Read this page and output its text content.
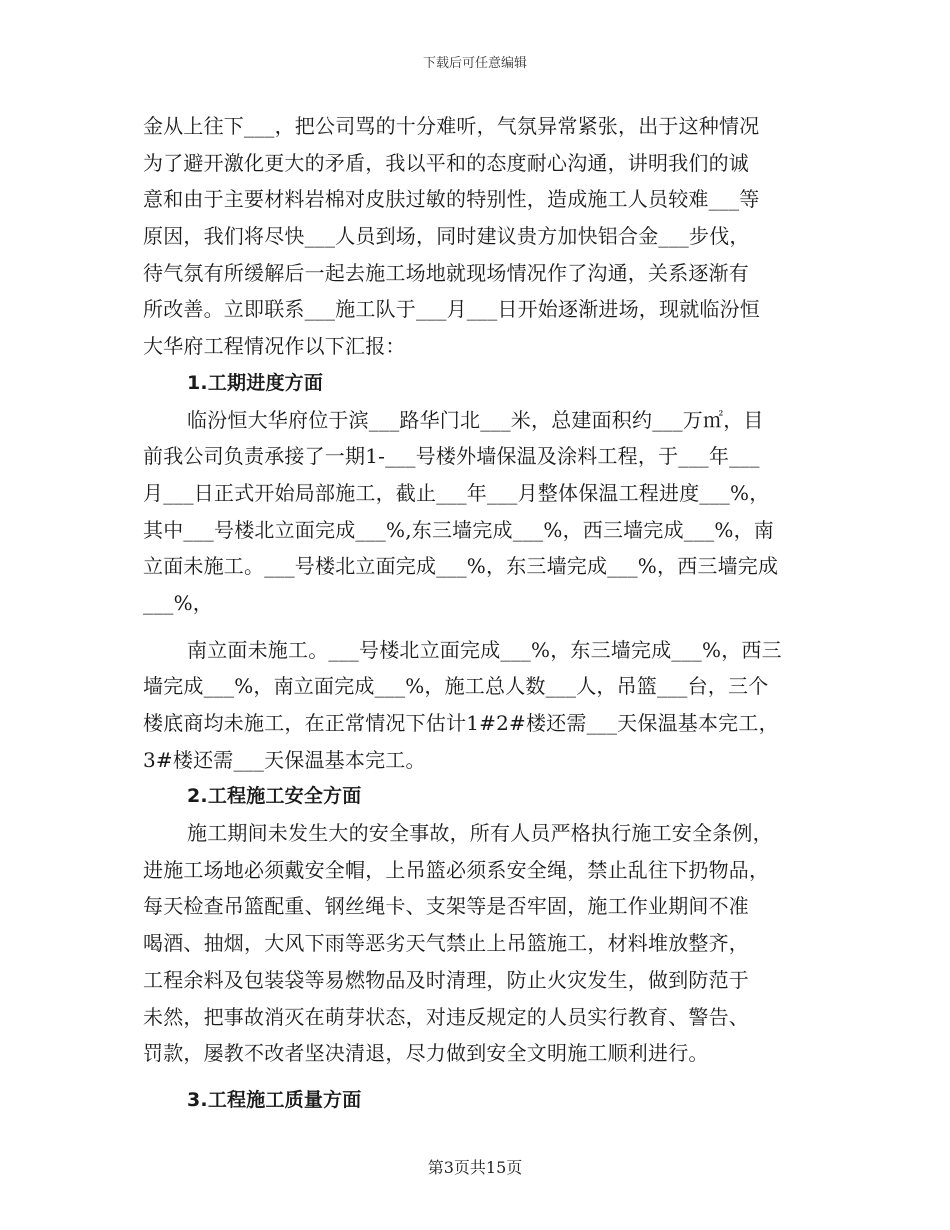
下载后可任意编辑
金从上往下___，把公司骂的十分难听，气氛异常紧张，出于这种情况
为了避开激化更大的矛盾，我以平和的态度耐心沟通，讲明我们的诚
意和由于主要材料岩棉对皮肤过敏的特别性，造成施工人员较难___等
原因，我们将尽快___人员到场，同时建议贵方加快铝合金___步伐，
待气氛有所缓解后一起去施工场地就现场情况作了沟通，关系逐渐有
所改善。立即联系___施工队于___月___日开始逐渐进场，现就临汾恒
大华府工程情况作以下汇报：
1.工期进度方面
临汾恒大华府位于滨___路华门北___米，总建面积约___万㎡，目
前我公司负责承接了一期1-___号楼外墙保温及涂料工程，于___年___
月___日正式开始局部施工，截止___年___月整体保温工程进度___%，
其中___号楼北立面完成___%,东三墙完成___%，西三墙完成___%，南
立面未施工。___号楼北立面完成___%，东三墙完成___%，西三墙完成
___%，
南立面未施工。___号楼北立面完成___%，东三墙完成___%，西三
墙完成___%，南立面完成___%，施工总人数___人，吊篮___台，三个
楼底商均未施工，在正常情况下估计1#2#楼还需___天保温基本完工，
3#楼还需___天保温基本完工。
2.工程施工安全方面
施工期间未发生大的安全事故，所有人员严格执行施工安全条例，
进施工场地必须戴安全帽，上吊篮必须系安全绳，禁止乱往下扔物品，
每天检查吊篮配重、钢丝绳卡、支架等是否牢固，施工作业期间不准
喝酒、抽烟，大风下雨等恶劣天气禁止上吊篮施工，材料堆放整齐，
工程余料及包装袋等易燃物品及时清理，防止火灾发生，做到防范于
未然，把事故消灭在萌芽状态，对违反规定的人员实行教育、警告、
罚款，屡教不改者坚决清退，尽力做到安全文明施工顺利进行。
3.工程施工质量方面
第3页共15页
